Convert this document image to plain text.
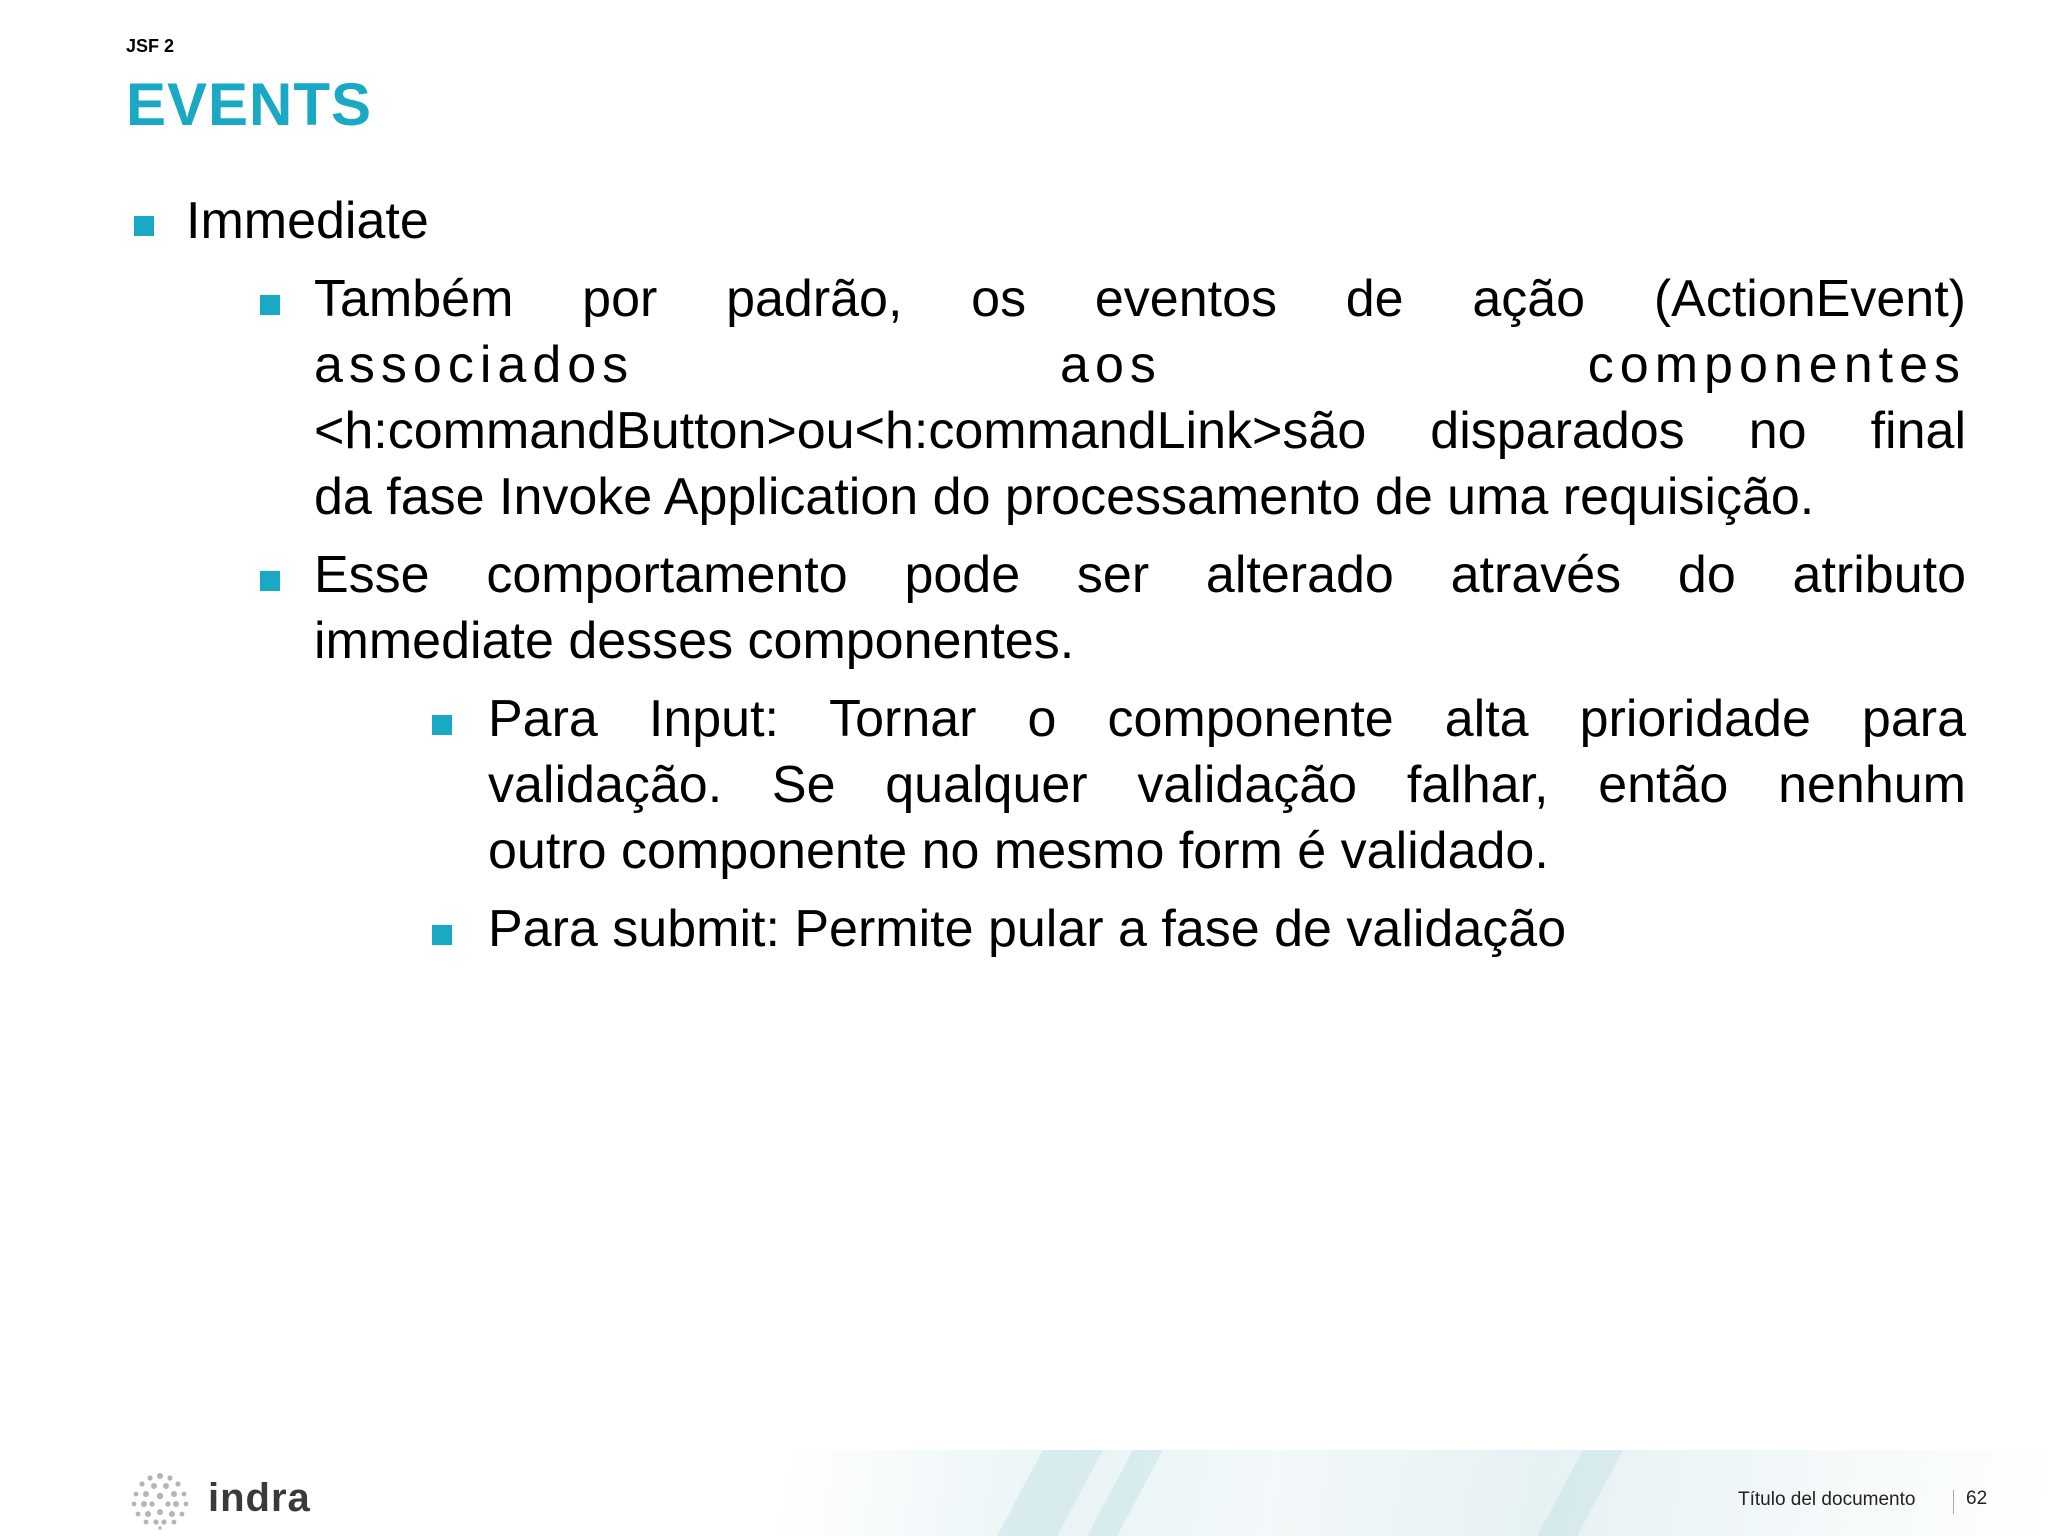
JSF 2
EVENTS
Immediate
Também por padrão, os eventos de ação (ActionEvent)
associados aos componentes
<h:commandButton>ou<h:commandLink>são disparados no final
da fase Invoke Application do processamento de uma requisição.
Esse comportamento pode ser alterado através do atributo
immediate desses componentes.
Para Input: Tornar o componente alta prioridade para
validação. Se qualquer validação falhar, então nenhum
outro componente no mesmo form é validado.
Para submit: Permite pular a fase de validação
indra	Título del documento	62
